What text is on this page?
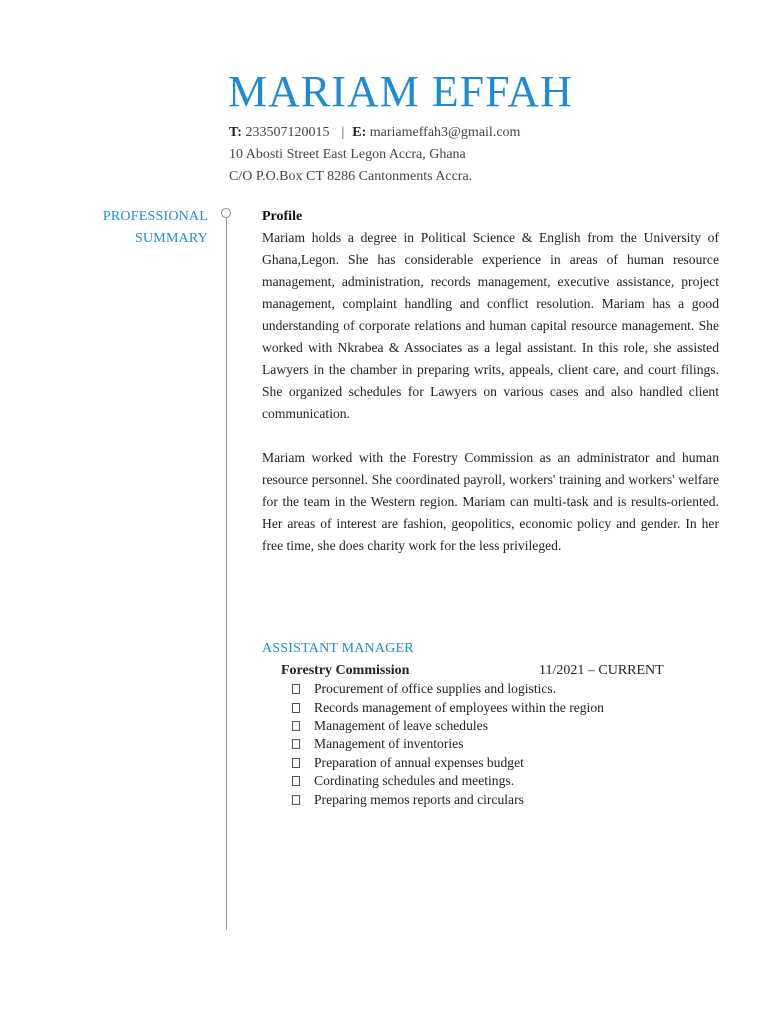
MARIAM EFFAH
T: 233507120015 | E: mariameffah3@gmail.com
10 Abosti Street East Legon Accra, Ghana
C/O P.O.Box CT 8286 Cantonments Accra.
PROFESSIONAL
SUMMARY

Profile

Mariam holds a degree in Political Science & English from the University of Ghana,Legon. She has considerable experience in areas of human resource management, administration, records management, executive assistance, project management, complaint handling and conflict resolution. Mariam has a good understanding of corporate relations and human capital resource management. She worked with Nkrabea & Associates as a legal assistant. In this role, she assisted Lawyers in the chamber in preparing writs, appeals, client care, and court filings. She organized schedules for Lawyers on various cases and also handled client communication.

Mariam worked with the Forestry Commission as an administrator and human resource personnel. She coordinated payroll, workers' training and workers' welfare for the team in the Western region. Mariam can multi-task and is results-oriented. Her areas of interest are fashion, geopolitics, economic policy and gender. In her free time, she does charity work for the less privileged.

ASSISTANT MANAGER
Forestry Commission	11/2021 – CURRENT
Procurement of office supplies and logistics.
Records management of employees within the region
Management of leave schedules
Management of inventories
Preparation of annual expenses budget
Cordinating schedules and meetings.
Preparing memos reports and circulars
